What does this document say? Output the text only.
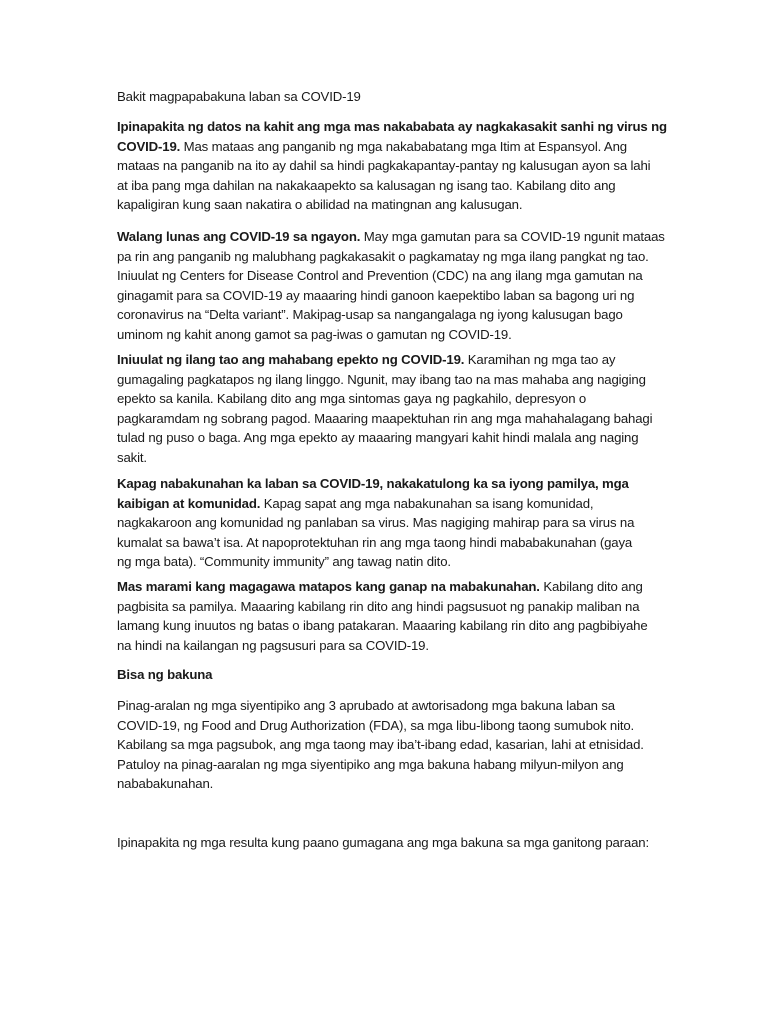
Bakit magpapabakuna laban sa COVID-19
Ipinapakita ng datos na kahit ang mga mas nakababata ay nagkakasakit sanhi ng virus ng
COVID-19. Mas mataas ang panganib ng mga nakababatang mga Itim at Espansyol. Ang
mataas na panganib na ito ay dahil sa hindi pagkakapantay-pantay ng kalusugan ayon sa lahi
at iba pang mga dahilan na nakakaapekto sa kalusagan ng isang tao. Kabilang dito ang
kapaligiran kung saan nakatira o abilidad na matingnan ang kalusugan.
Walang lunas ang COVID-19 sa ngayon. May mga gamutan para sa COVID-19 ngunit mataas
pa rin ang panganib ng malubhang pagkakasakit o pagkamatay ng mga ilang pangkat ng tao.
Iniuulat ng Centers for Disease Control and Prevention (CDC) na ang ilang mga gamutan na
ginagamit para sa COVID-19 ay maaaring hindi ganoon kaepektibo laban sa bagong uri ng
coronavirus na “Delta variant”. Makipag-usap sa nangangalaga ng iyong kalusugan bago
uminom ng kahit anong gamot sa pag-iwas o gamutan ng COVID-19.
Iniuulat ng ilang tao ang mahabang epekto ng COVID-19. Karamihan ng mga tao ay
gumagaling pagkatapos ng ilang linggo. Ngunit, may ibang tao na mas mahaba ang nagiging
epekto sa kanila. Kabilang dito ang mga sintomas gaya ng pagkahilo, depresyon o
pagkaramdam ng sobrang pagod. Maaaring maapektuhan rin ang mga mahahalagang bahagi
tulad ng puso o baga. Ang mga epekto ay maaaring mangyari kahit hindi malala ang naging
sakit.
Kapag nabakunahan ka laban sa COVID-19, nakakatulong ka sa iyong pamilya, mga
kaibigan at komunidad. Kapag sapat ang mga nabakunahan sa isang komunidad,
nagkakaroon ang komunidad ng panlaban sa virus. Mas nagiging mahirap para sa virus na
kumalat sa bawa’t isa. At napoprotektuhan rin ang mga taong hindi mababakunahan (gaya
ng mga bata). “Community immunity” ang tawag natin dito.
Mas marami kang magagawa matapos kang ganap na mabakunahan. Kabilang dito ang
pagbisita sa pamilya. Maaaring kabilang rin dito ang hindi pagsusuot ng panakip maliban na
lamang kung inuutos ng batas o ibang patakaran. Maaaring kabilang rin dito ang pagbibiyahe
na hindi na kailangan ng pagsusuri para sa COVID-19.
Bisa ng bakuna
Pinag-aralan ng mga siyentipiko ang 3 aprubado at awtorisadong mga bakuna laban sa
COVID-19, ng Food and Drug Authorization (FDA), sa mga libu-libong taong sumubok nito.
Kabilang sa mga pagsubok, ang mga taong may iba’t-ibang edad, kasarian, lahi at etnisidad.
Patuloy na pinag-aaralan ng mga siyentipiko ang mga bakuna habang milyun-milyon ang
nababakunahan.
Ipinapakita ng mga resulta kung paano gumagana ang mga bakuna sa mga ganitong paraan:
